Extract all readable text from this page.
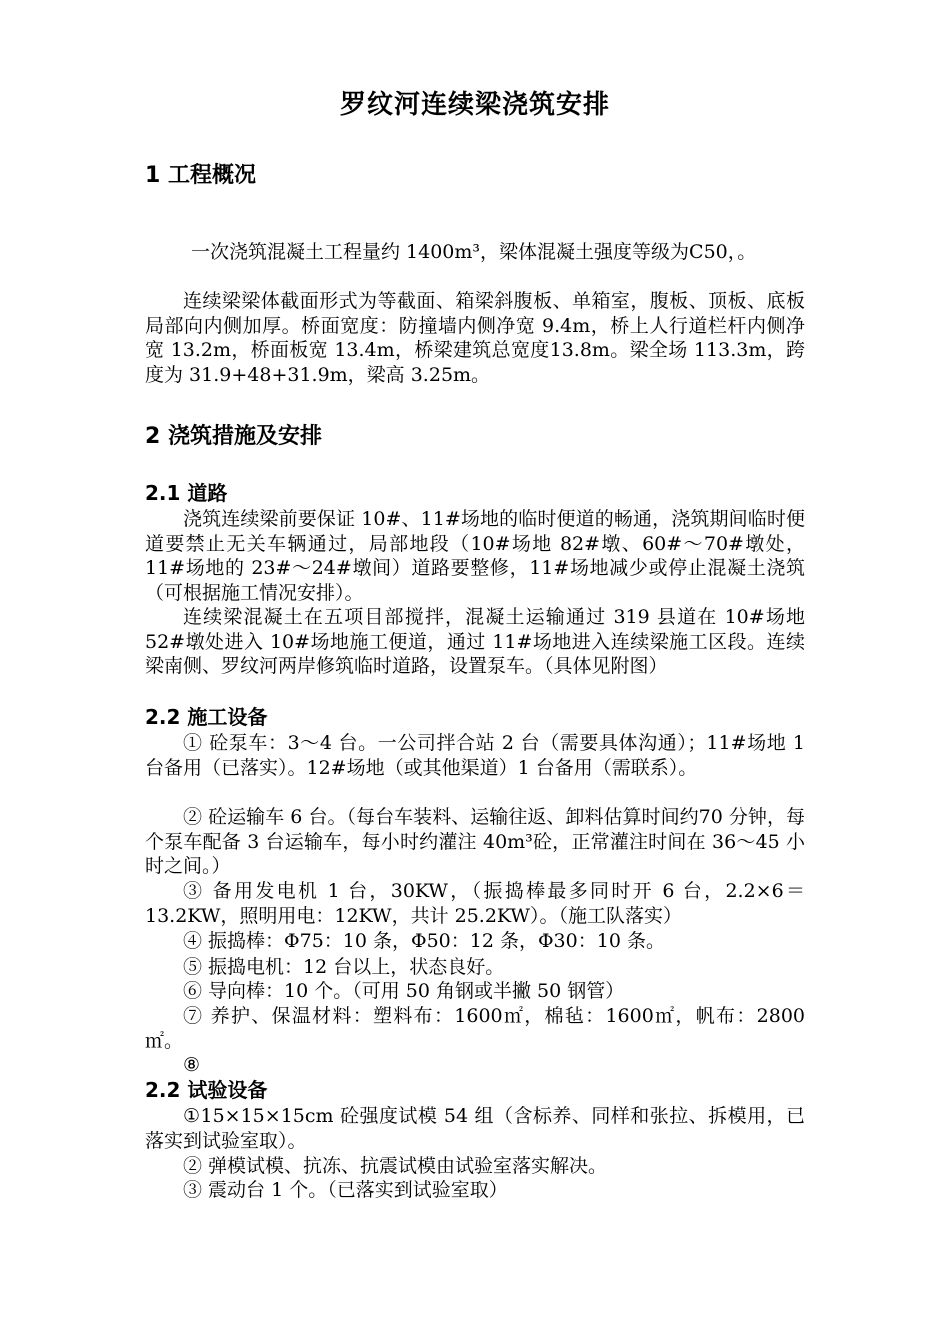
罗纹河连续梁浇筑安排
1 工程概况

一次浇筑混凝土工程量约 1400m³，梁体混凝土强度等级为C50，。

连续梁梁体截面形式为等截面、箱梁斜腹板、单箱室，腹板、顶板、底板局部向内侧加厚。桥面宽度：防撞墙内侧净宽 9.4m，桥上人行道栏杆内侧净宽 13.2m，桥面板宽 13.4m，桥梁建筑总宽度13.8m。梁全场 113.3m，跨度为 31.9+48+31.9m，梁高 3.25m。

2 浇筑措施及安排
2.1 道路

浇筑连续梁前要保证 10#、11#场地的临时便道的畅通，浇筑期间临时便道要禁止无关车辆通过，局部地段（10#场地 82#墩、60#～70#墩处，11#场地的 23#～24#墩间）道路要整修，11#场地减少或停止混凝土浇筑（可根据施工情况安排）。

连续梁混凝土在五项目部搅拌，混凝土运输通过 319 县道在 10#场地 52#墩处进入 10#场地施工便道，通过 11#场地进入连续梁施工区段。连续梁南侧、罗纹河两岸修筑临时道路，设置泵车。（具体见附图）

2.2 施工设备

① 砼泵车：3～4 台。一公司拌合站 2 台（需要具体沟通）；11#场地 1 台备用（已落实）。12#场地（或其他渠道）1 台备用（需联系）。

② 砼运输车 6 台。（每台车装料、运输往返、卸料估算时间约70 分钟，每个泵车配备 3 台运输车，每小时约灌注 40m³砼，正常灌注时间在 36～45 小时之间。）

③ 备用发电机 1 台，30KW，（振捣棒最多同时开 6 台，2.2×6＝13.2KW，照明用电：12KW，共计 25.2KW）。（施工队落实）

④ 振捣棒：Φ75：10 条，Φ50：12 条，Φ30：10 条。

⑤ 振捣电机：12 台以上，状态良好。

⑥ 导向棒：10 个。（可用 50 角钢或半撇 50 钢管）

⑦ 养护、保温材料：塑料布：1600㎡，棉毡：1600㎡，帆布：2800㎡。

⑧

2.2 试验设备

①15×15×15cm 砼强度试模 54 组（含标养、同样和张拉、拆模用，已落实到试验室取）。

② 弹模试模、抗冻、抗震试模由试验室落实解决。

③ 震动台 1 个。（已落实到试验室取）
